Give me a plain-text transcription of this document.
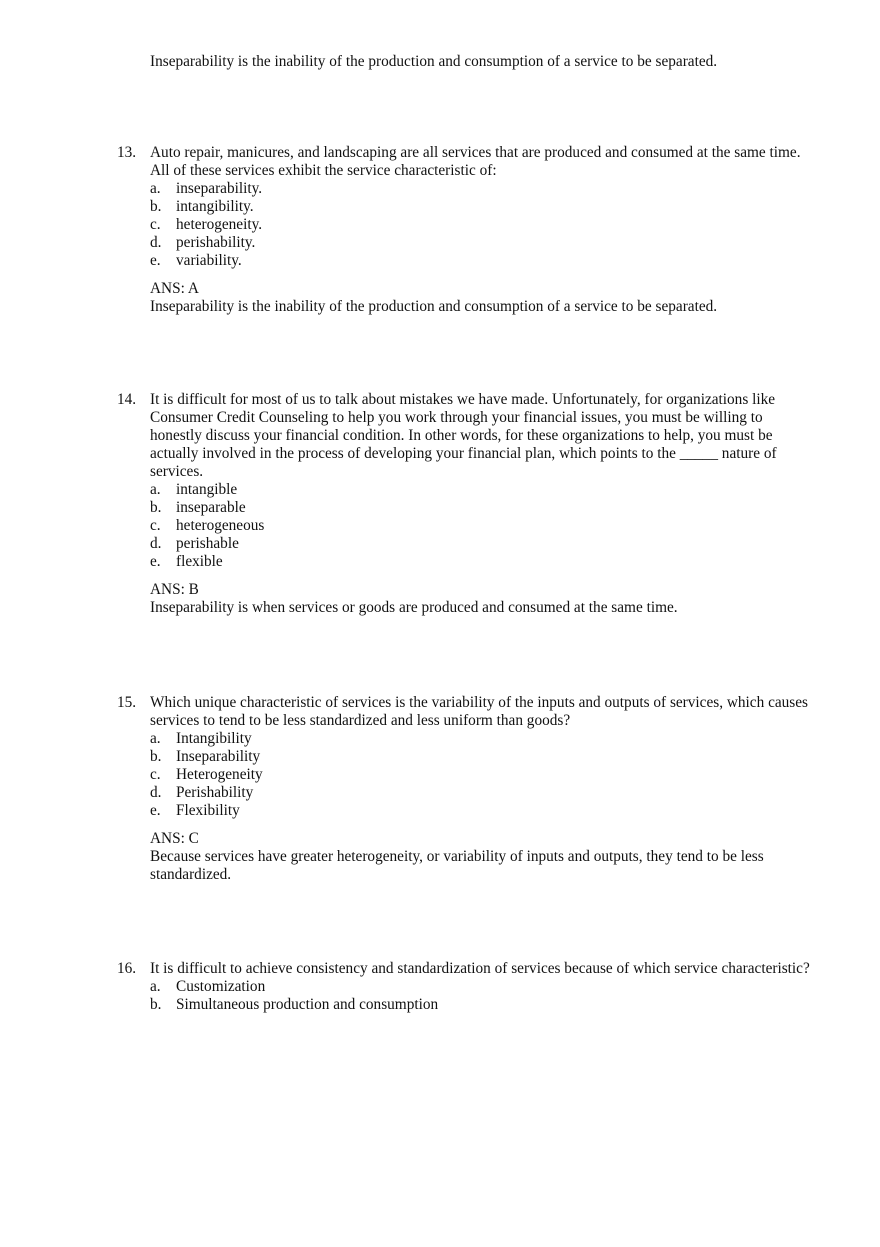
Inseparability is the inability of the production and consumption of a service to be separated.

13. Auto repair, manicures, and landscaping are all services that are produced and consumed at the same time. All of these services exhibit the service characteristic of:

a.	inseparability.
b. intangibility.
c.	heterogeneity.
d. perishability.
e.	variability.
ANS: A

Inseparability is the inability of the production and consumption of a service to be separated.

14. It is difficult for most of us to talk about mistakes we have made. Unfortunately, for organizations like Consumer Credit Counseling to help you work through your financial issues, you must be willing to honestly discuss your financial condition. In other words, for these organizations to help, you must be actually involved in the process of developing your financial plan, which points to the _____ nature of services.

a.	intangible
b. inseparable
c.	heterogeneous
d. perishable
e.	flexible
ANS: B

Inseparability is when services or goods are produced and consumed at the same time.

15. Which unique characteristic of services is the variability of the inputs and outputs of services, which causes services to tend to be less standardized and less uniform than goods?

a.	Intangibility
b. Inseparability
c.	Heterogeneity
d. Perishability
e.	Flexibility
ANS: C

Because services have greater heterogeneity, or variability of inputs and outputs, they tend to be less standardized.

16. It is difficult to achieve consistency and standardization of services because of which service characteristic?

a.	Customization
b. Simultaneous production and consumption
